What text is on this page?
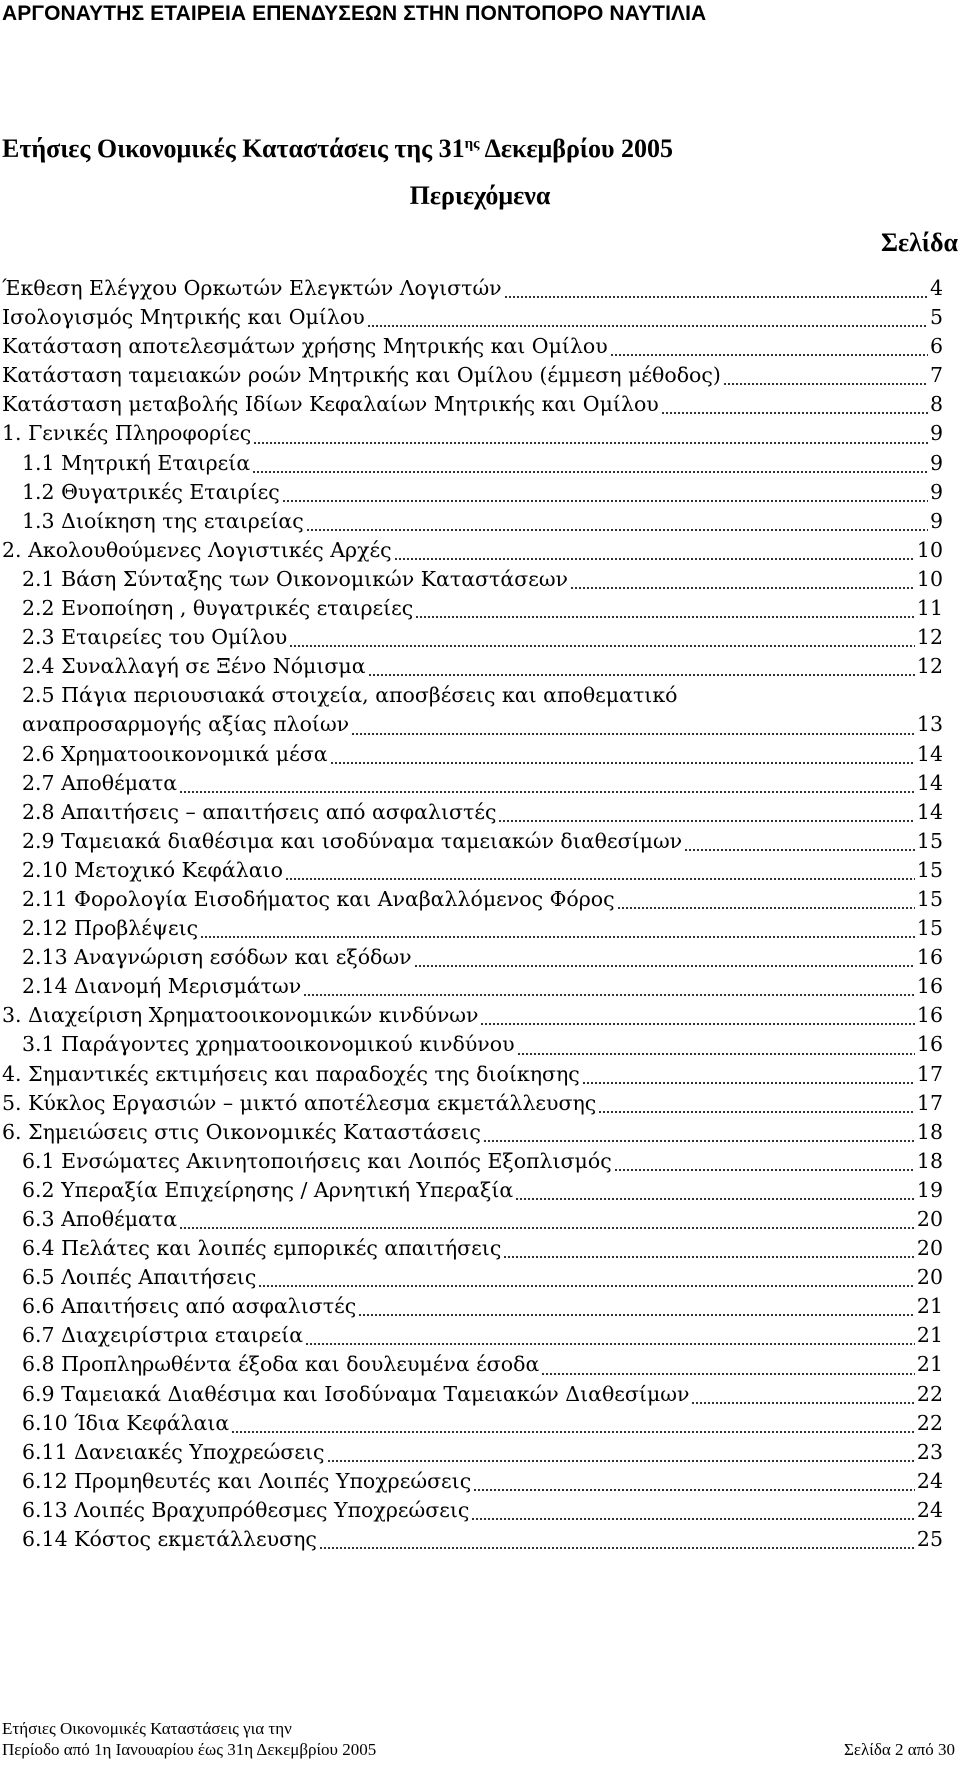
ΑΡΓΟΝΑΥΤΗΣ ΕΤΑΙΡΕΙΑ ΕΠΕΝΔΥΣΕΩΝ ΣΤΗΝ ΠΟΝΤΟΠΟΡΟ ΝΑΥΤΙΛΙΑ
Ετήσιες Οικονομικές Καταστάσεις της $31^{\eta\varsigma}$ Δεκεμβρίου 2005
Περιεχόμενα
Σελίδα
Έκθεση Ελέγχου Ορκωτών Ελεγκτών Λογιστών	4
Ισολογισμός Μητρικής και Ομίλου	5
Κατάσταση αποτελεσμάτων χρήσης Μητρικής και Ομίλου	6
Κατάσταση ταμειακών ροών Μητρικής και Ομίλου (έμμεση μέθοδος)	7
Κατάσταση μεταβολής Ιδίων Κεφαλαίων Μητρικής και Ομίλου	8
1. Γενικές Πληροφορίες	9
1.1 Μητρική Εταιρεία	9
1.2 Θυγατρικές Εταιρίες	9
1.3 Διοίκηση της εταιρείας	9
2. Ακολουθούμενες Λογιστικές Αρχές	10
2.1 Βάση Σύνταξης των Οικονομικών Καταστάσεων	10
2.2 Ενοποίηση , θυγατρικές εταιρείες	11
2.3 Εταιρείες του Ομίλου	12
2.4 Συναλλαγή σε Ξένο Νόμισμα	12
2.5 Πάγια περιουσιακά στοιχεία, αποσβέσεις και αποθεματικό
αναπροσαρμογής αξίας πλοίων	13
2.6 Χρηματοοικονομικά μέσα	14
2.7 Αποθέματα	14
2.8 Απαιτήσεις – απαιτήσεις από ασφαλιστές	14
2.9 Ταμειακά διαθέσιμα και ισοδύναμα ταμειακών διαθεσίμων	15
2.10 Μετοχικό Κεφάλαιο	15
2.11 Φορολογία Εισοδήματος και Αναβαλλόμενος Φόρος	15
2.12 Προβλέψεις	15
2.13 Αναγνώριση εσόδων και εξόδων	16
2.14 Διανομή Μερισμάτων	16
3. Διαχείριση Χρηματοοικονομικών κινδύνων	16
3.1 Παράγοντες χρηματοοικονομικού κινδύνου	16
4. Σημαντικές εκτιμήσεις και παραδοχές της διοίκησης	17
5. Κύκλος Εργασιών – μικτό αποτέλεσμα εκμετάλλευσης	17
6. Σημειώσεις στις Οικονομικές Καταστάσεις	18
6.1 Ενσώματες Ακινητοποιήσεις και Λοιπός Εξοπλισμός	18
6.2 Υπεραξία Επιχείρησης / Αρνητική Υπεραξία	19
6.3 Αποθέματα	20
6.4 Πελάτες και λοιπές εμπορικές απαιτήσεις	20
6.5 Λοιπές Απαιτήσεις	20
6.6 Απαιτήσεις από ασφαλιστές	21
6.7 Διαχειρίστρια εταιρεία	21
6.8 Προπληρωθέντα έξοδα και δουλευμένα έσοδα	21
6.9 Ταμειακά Διαθέσιμα και Ισοδύναμα Ταμειακών Διαθεσίμων	22
6.10 Ίδια Κεφάλαια	22
6.11 Δανειακές Υποχρεώσεις	23
6.12 Προμηθευτές και Λοιπές Υποχρεώσεις	24
6.13 Λοιπές Βραχυπρόθεσμες Υποχρεώσεις	24
6.14 Κόστος εκμετάλλευσης	25
Ετήσιες Οικονομικές Καταστάσεις για την
Περίοδο από 1η Ιανουαρίου έως 31η Δεκεμβρίου 2005	Σελίδα 2 από 30
